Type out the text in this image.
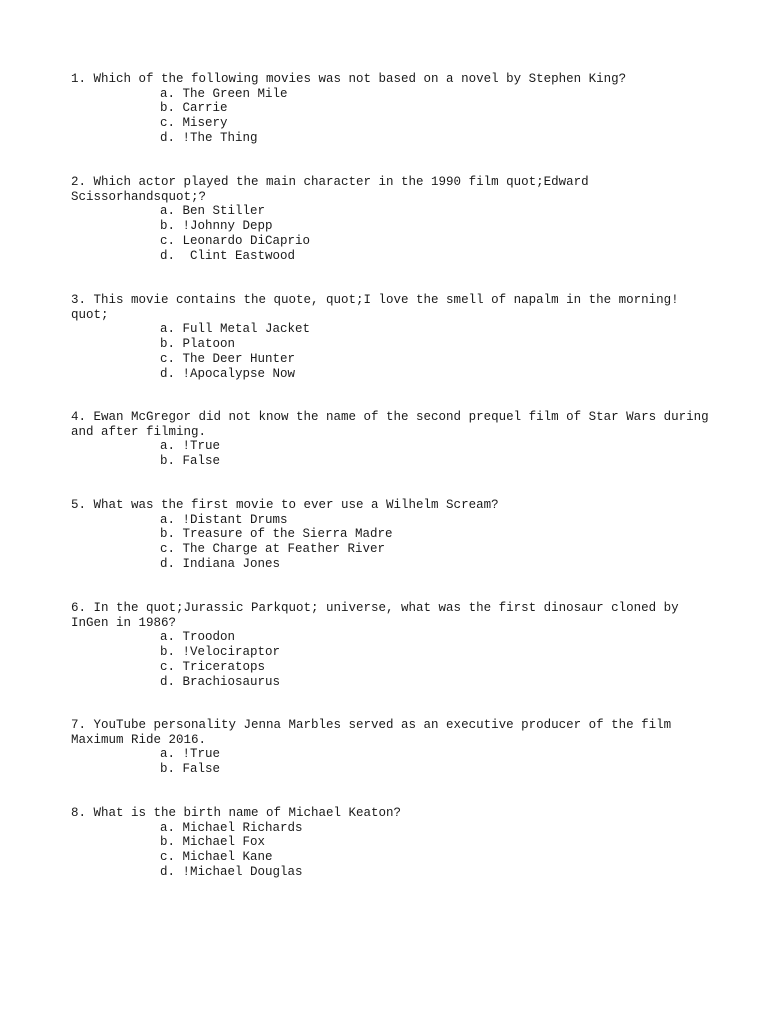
1. Which of the following movies was not based on a novel by Stephen King?
a. The Green Mile
b. Carrie
c. Misery
d. !The Thing
2. Which actor played the main character in the 1990 film quot;Edward Scissorhandsquot;?
a. Ben Stiller
b. !Johnny Depp
c. Leonardo DiCaprio
d.  Clint Eastwood
3. This movie contains the quote, quot;I love the smell of napalm in the morning! quot;
a. Full Metal Jacket
b. Platoon
c. The Deer Hunter
d. !Apocalypse Now
4. Ewan McGregor did not know the name of the second prequel film of Star Wars during and after filming.
a. !True
b. False
5. What was the first movie to ever use a Wilhelm Scream?
a. !Distant Drums
b. Treasure of the Sierra Madre
c. The Charge at Feather River
d. Indiana Jones
6. In the quot;Jurassic Parkquot; universe, what was the first dinosaur cloned by InGen in 1986?
a. Troodon
b. !Velociraptor
c. Triceratops
d. Brachiosaurus
7. YouTube personality Jenna Marbles served as an executive producer of the film Maximum Ride 2016.
a. !True
b. False
8. What is the birth name of Michael Keaton?
a. Michael Richards
b. Michael Fox
c. Michael Kane
d. !Michael Douglas
